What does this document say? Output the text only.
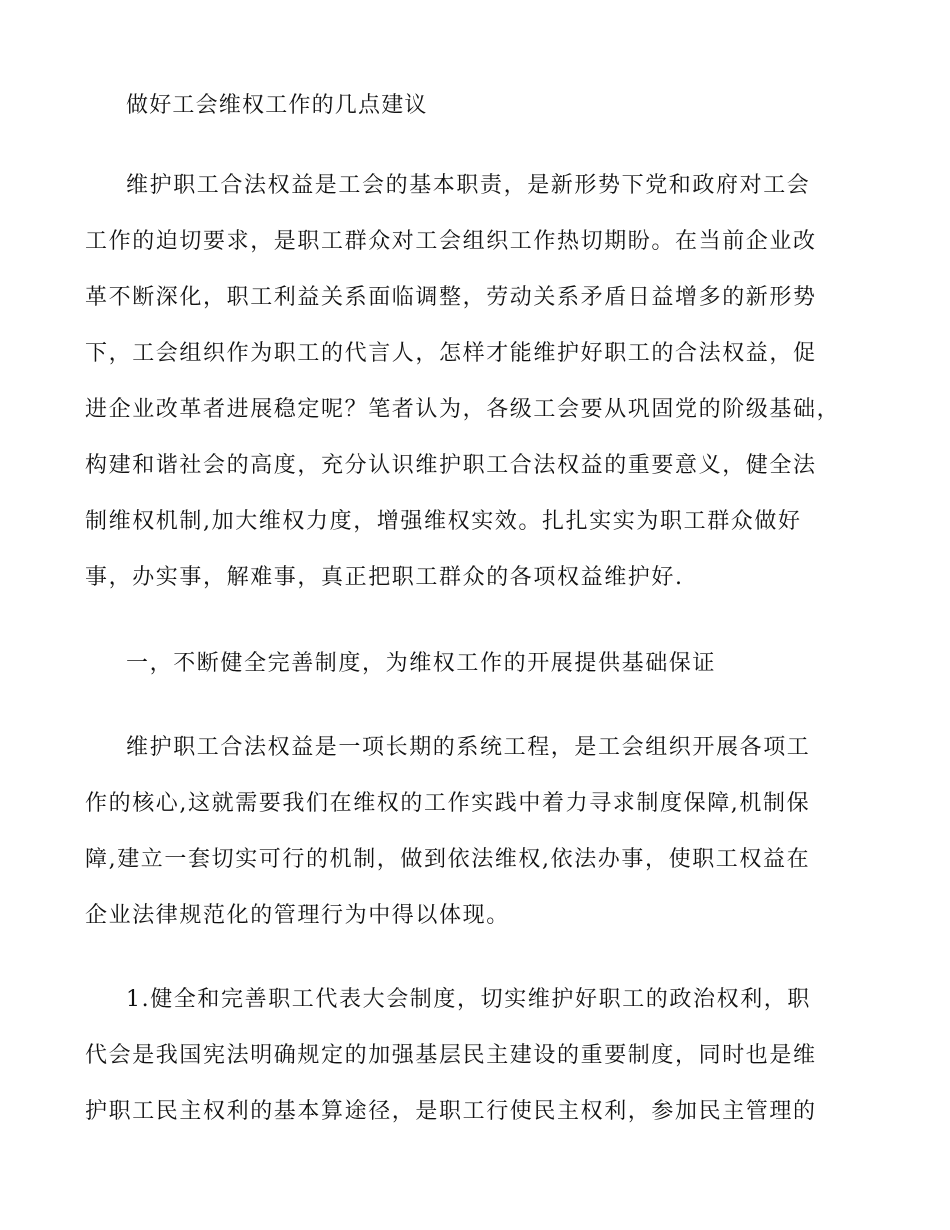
做好工会维权工作的几点建议
维护职工合法权益是工会的基本职责，是新形势下党和政府对工会
工作的迫切要求，是职工群众对工会组织工作热切期盼。在当前企业改
革不断深化，职工利益关系面临调整，劳动关系矛盾日益增多的新形势
下，工会组织作为职工的代言人，怎样才能维护好职工的合法权益，促
进企业改革者进展稳定呢？笔者认为，各级工会要从巩固党的阶级基础，
构建和谐社会的高度，充分认识维护职工合法权益的重要意义，健全法
制维权机制,加大维权力度，增强维权实效。扎扎实实为职工群众做好
事，办实事，解难事，真正把职工群众的各项权益维护好.
一，不断健全完善制度，为维权工作的开展提供基础保证
维护职工合法权益是一项长期的系统工程，是工会组织开展各项工
作的核心,这就需要我们在维权的工作实践中着力寻求制度保障,机制保
障,建立一套切实可行的机制，做到依法维权,依法办事，使职工权益在
企业法律规范化的管理行为中得以体现。
1.健全和完善职工代表大会制度，切实维护好职工的政治权利，职
代会是我国宪法明确规定的加强基层民主建设的重要制度，同时也是维
护职工民主权利的基本算途径，是职工行使民主权利，参加民主管理的
